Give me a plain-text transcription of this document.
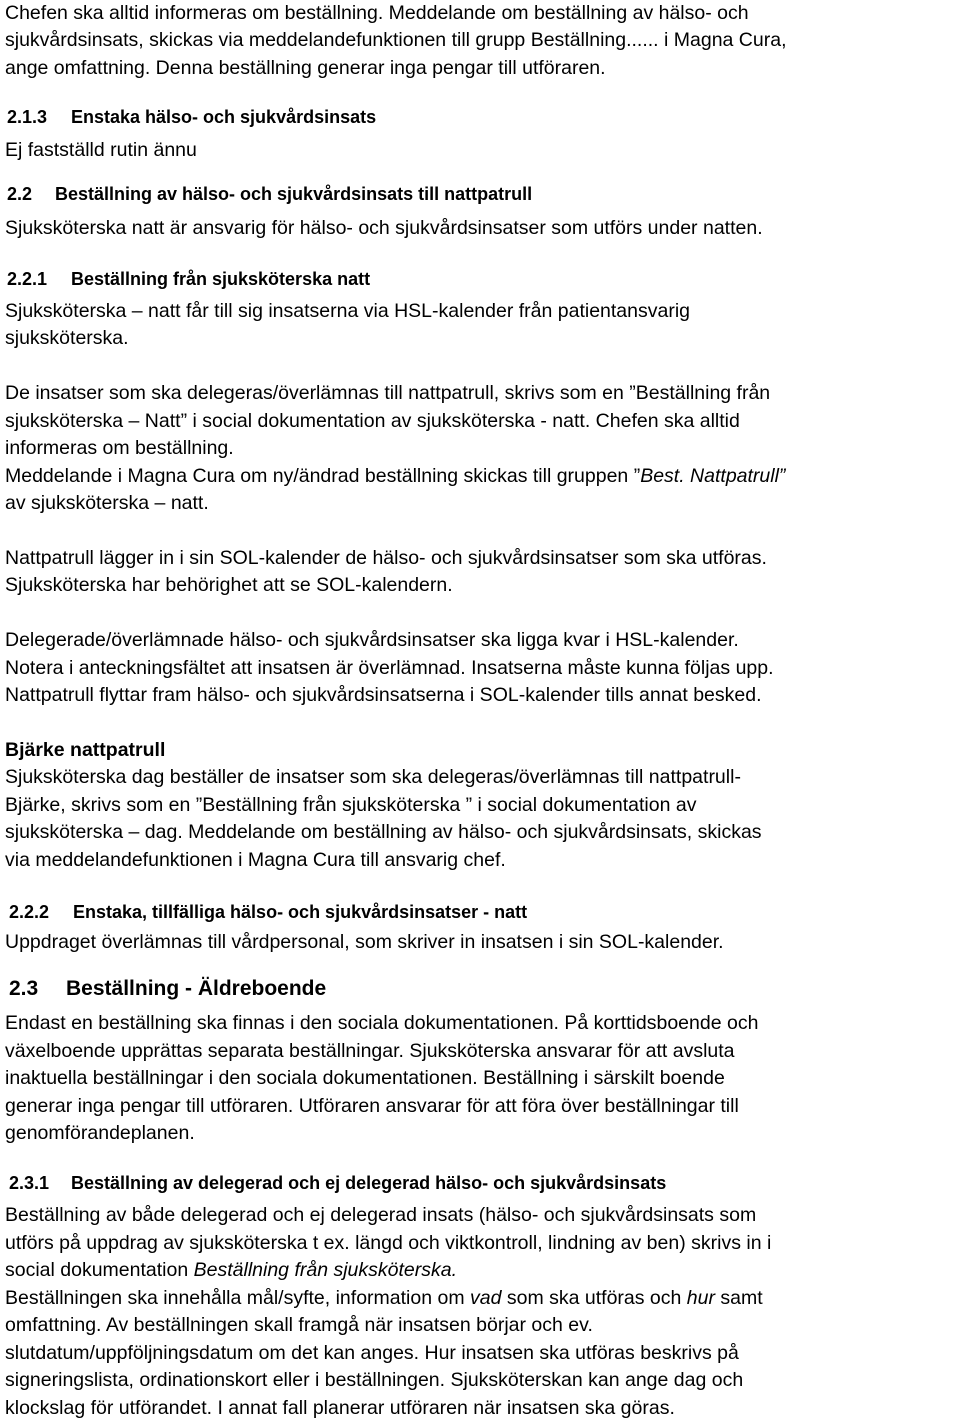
Chefen ska alltid informeras om beställning. Meddelande om beställning av hälso- och

sjukvårdsinsats, skickas via meddelandefunktionen till grupp Beställning...... i Magna Cura,

ange omfattning. Denna beställning generar inga pengar till utföraren.

2.1.3 Enstaka hälso- och sjukvårdsinsats

Ej fastställd rutin ännu

2.2 Beställning av hälso- och sjukvårdsinsats till nattpatrull

Sjuksköterska natt är ansvarig för hälso- och sjukvårdsinsatser som utförs under natten.

2.2.1 Beställning från sjuksköterska natt

Sjuksköterska – natt får till sig insatserna via HSL-kalender från patientansvarig

sjuksköterska.

De insatser som ska delegeras/överlämnas till nattpatrull, skrivs som en ”Beställning från

sjuksköterska – Natt” i social dokumentation av sjuksköterska - natt. Chefen ska alltid

informeras om beställning.

Meddelande i Magna Cura om ny/ändrad beställning skickas till gruppen ”Best. Nattpatrull”

av sjuksköterska – natt.

Nattpatrull lägger in i sin SOL-kalender de hälso- och sjukvårdsinsatser som ska utföras.

Sjuksköterska har behörighet att se SOL-kalendern.

Delegerade/överlämnade hälso- och sjukvårdsinsatser ska ligga kvar i HSL-kalender.

Notera i anteckningsfältet att insatsen är överlämnad. Insatserna måste kunna följas upp.

Nattpatrull flyttar fram hälso- och sjukvårdsinsatserna i SOL-kalender tills annat besked.

Bjärke nattpatrull

Sjuksköterska dag beställer de insatser som ska delegeras/överlämnas till nattpatrull-

Bjärke, skrivs som en ”Beställning från sjuksköterska ” i social dokumentation av

sjuksköterska – dag. Meddelande om beställning av hälso- och sjukvårdsinsats, skickas

via meddelandefunktionen i Magna Cura till ansvarig chef.

2.2.2 Enstaka, tillfälliga hälso- och sjukvårdsinsatser - natt

Uppdraget överlämnas till vårdpersonal, som skriver in insatsen i sin SOL-kalender.

2.3 Beställning - Äldreboende

Endast en beställning ska finnas i den sociala dokumentationen. På korttidsboende och

växelboende upprättas separata beställningar. Sjuksköterska ansvarar för att avsluta

inaktuella beställningar i den sociala dokumentationen. Beställning i särskilt boende

generar inga pengar till utföraren. Utföraren ansvarar för att föra över beställningar till

genomförandeplanen.

2.3.1 Beställning av delegerad och ej delegerad hälso- och sjukvårdsinsats

Beställning av både delegerad och ej delegerad insats (hälso- och sjukvårdsinsats som

utförs på uppdrag av sjuksköterska t ex. längd och viktkontroll, lindning av ben) skrivs in i

social dokumentation Beställning från sjuksköterska.

Beställningen ska innehålla mål/syfte, information om vad som ska utföras och hur samt

omfattning. Av beställningen skall framgå när insatsen börjar och ev.

slutdatum/uppföljningsdatum om det kan anges. Hur insatsen ska utföras beskrivs på

signeringslista, ordinationskort eller i beställningen. Sjuksköterskan kan ange dag och

klockslag för utförandet. I annat fall planerar utföraren när insatsen ska göras.
